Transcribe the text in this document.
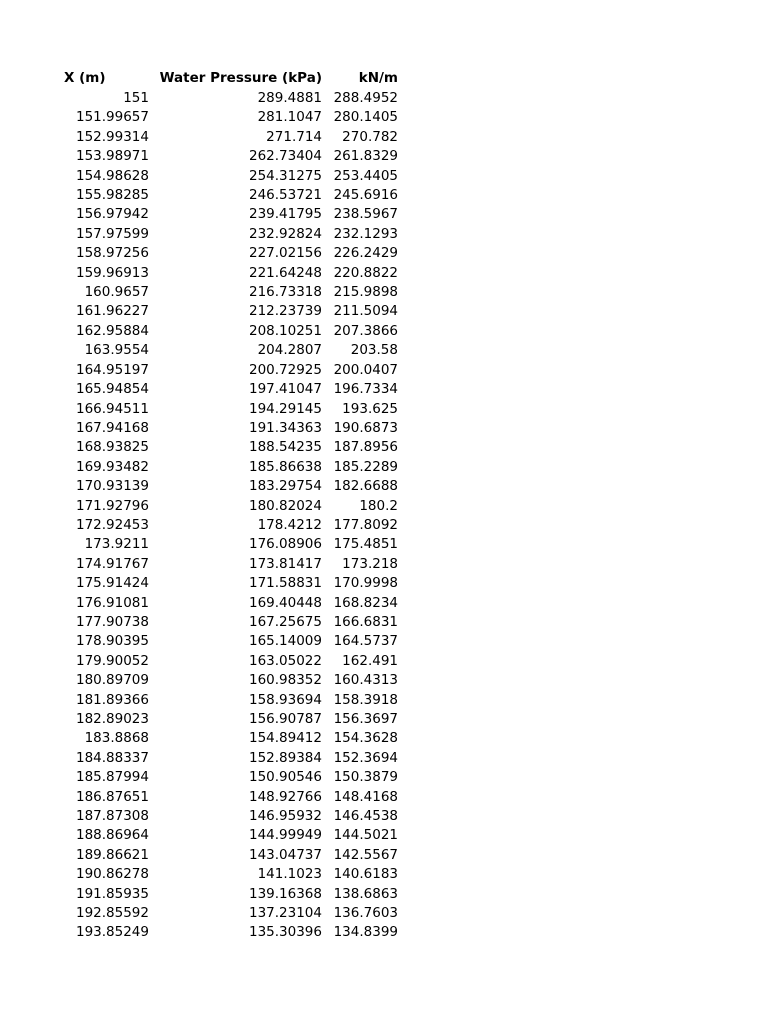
X (m)	Water Pressure (kPa)	kN/m
151	289.4881	288.4952
151.99657	281.1047	280.1405
152.99314	271.714	270.782
153.98971	262.73404	261.8329
154.98628	254.31275	253.4405
155.98285	246.53721	245.6916
156.97942	239.41795	238.5967
157.97599	232.92824	232.1293
158.97256	227.02156	226.2429
159.96913	221.64248	220.8822
160.9657	216.73318	215.9898
161.96227	212.23739	211.5094
162.95884	208.10251	207.3866
163.9554	204.2807	203.58
164.95197	200.72925	200.0407
165.94854	197.41047	196.7334
166.94511	194.29145	193.625
167.94168	191.34363	190.6873
168.93825	188.54235	187.8956
169.93482	185.86638	185.2289
170.93139	183.29754	182.6688
171.92796	180.82024	180.2
172.92453	178.4212	177.8092
173.9211	176.08906	175.4851
174.91767	173.81417	173.218
175.91424	171.58831	170.9998
176.91081	169.40448	168.8234
177.90738	167.25675	166.6831
178.90395	165.14009	164.5737
179.90052	163.05022	162.491
180.89709	160.98352	160.4313
181.89366	158.93694	158.3918
182.89023	156.90787	156.3697
183.8868	154.89412	154.3628
184.88337	152.89384	152.3694
185.87994	150.90546	150.3879
186.87651	148.92766	148.4168
187.87308	146.95932	146.4538
188.86964	144.99949	144.5021
189.86621	143.04737	142.5567
190.86278	141.1023	140.6183
191.85935	139.16368	138.6863
192.85592	137.23104	136.7603
193.85249	135.30396	134.8399
